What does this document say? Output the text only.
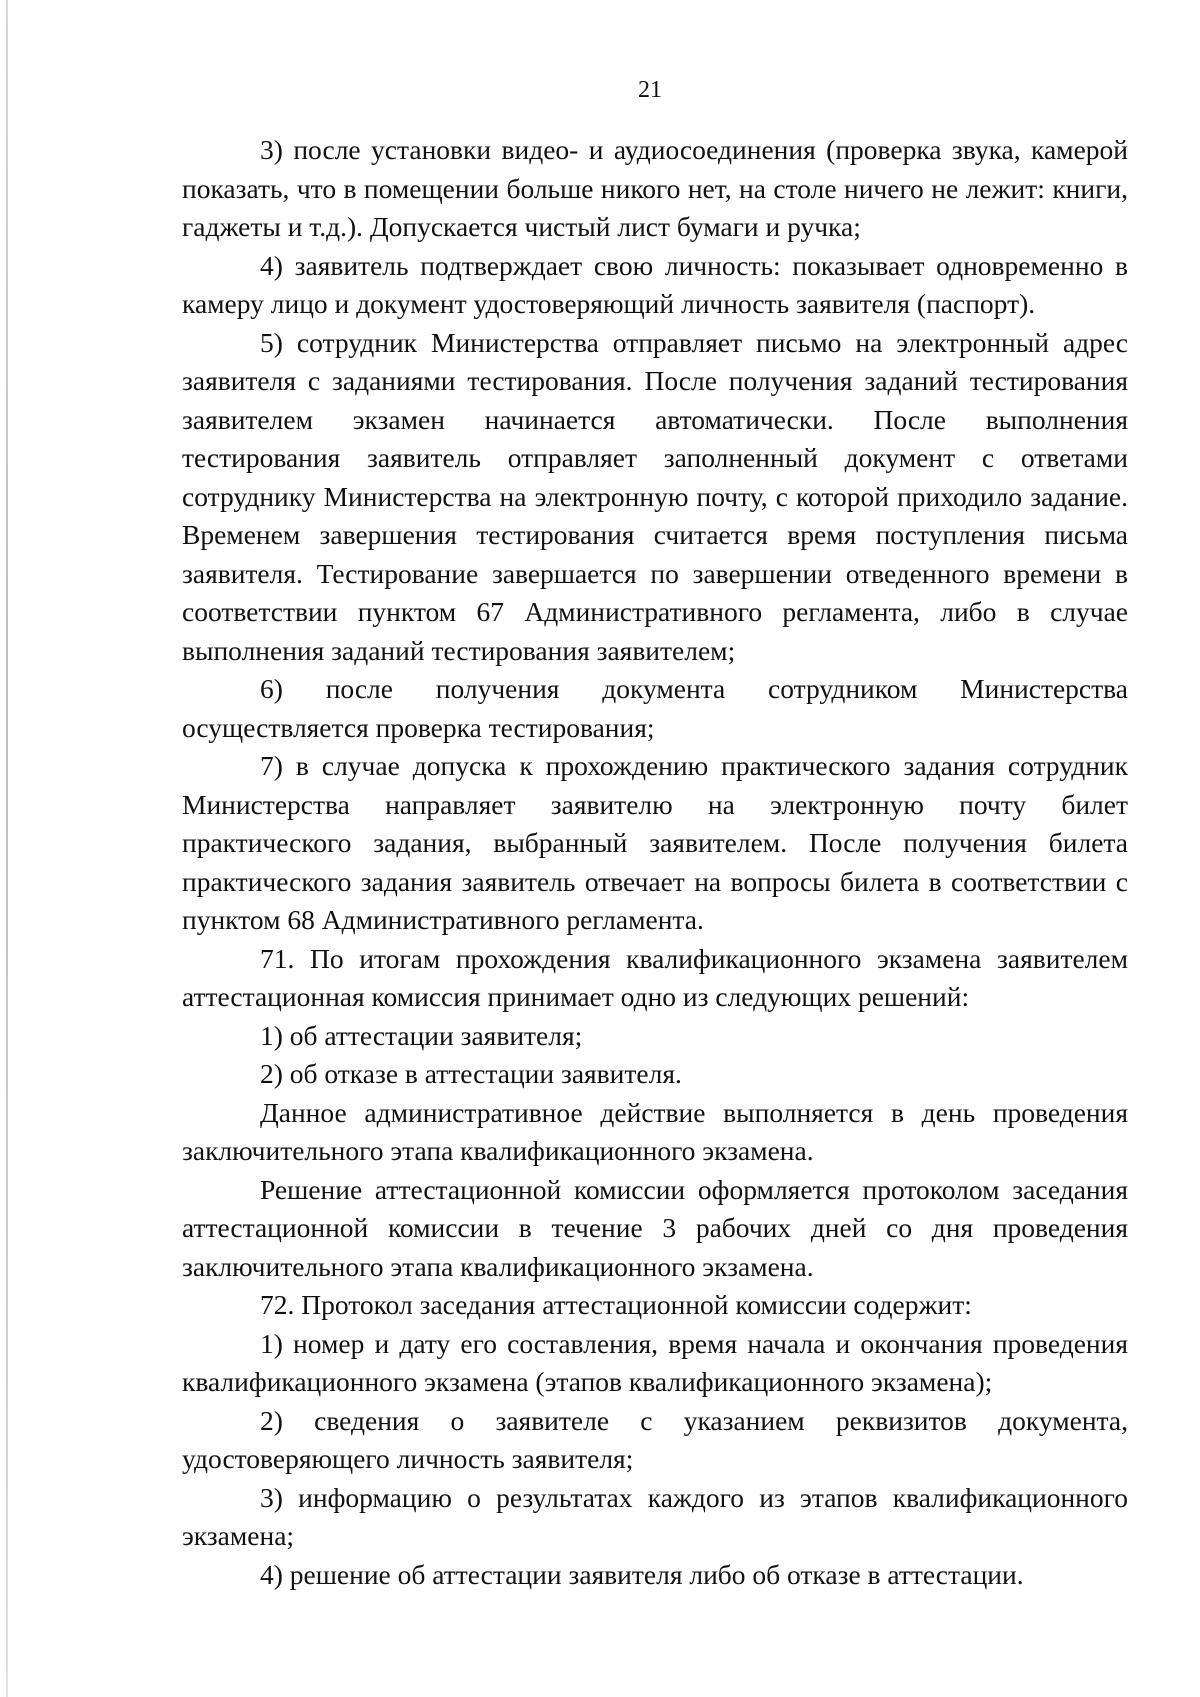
21

3) после установки видео- и аудиосоединения (проверка звука, камерой показать, что в помещении больше никого нет, на столе ничего не лежит: книги, гаджеты и т.д.). Допускается чистый лист бумаги и ручка;

4) заявитель подтверждает свою личность: показывает одновременно в камеру лицо и документ удостоверяющий личность заявителя (паспорт).

5) сотрудник Министерства отправляет письмо на электронный адрес заявителя с заданиями тестирования. После получения заданий тестирования заявителем экзамен начинается автоматически. После выполнения тестирования заявитель отправляет заполненный документ с ответами сотруднику Министерства на электронную почту, с которой приходило задание. Временем завершения тестирования считается время поступления письма заявителя. Тестирование завершается по завершении отведенного времени в соответствии пунктом 67 Административного регламента, либо в случае выполнения заданий тестирования заявителем;

6) после получения документа сотрудником Министерства осуществляется проверка тестирования;

7) в случае допуска к прохождению практического задания сотрудник Министерства направляет заявителю на электронную почту билет практического задания, выбранный заявителем. После получения билета практического задания заявитель отвечает на вопросы билета в соответствии с пунктом 68 Административного регламента.

71. По итогам прохождения квалификационного экзамена заявителем аттестационная комиссия принимает одно из следующих решений:

1) об аттестации заявителя;

2) об отказе в аттестации заявителя.

Данное административное действие выполняется в день проведения заключительного этапа квалификационного экзамена.

Решение аттестационной комиссии оформляется протоколом заседания аттестационной комиссии в течение 3 рабочих дней со дня проведения заключительного этапа квалификационного экзамена.

72. Протокол заседания аттестационной комиссии содержит:

1) номер и дату его составления, время начала и окончания проведения квалификационного экзамена (этапов квалификационного экзамена);

2) сведения о заявителе с указанием реквизитов документа, удостоверяющего личность заявителя;

3) информацию о результатах каждого из этапов квалификационного экзамена;

4) решение об аттестации заявителя либо об отказе в аттестации.
